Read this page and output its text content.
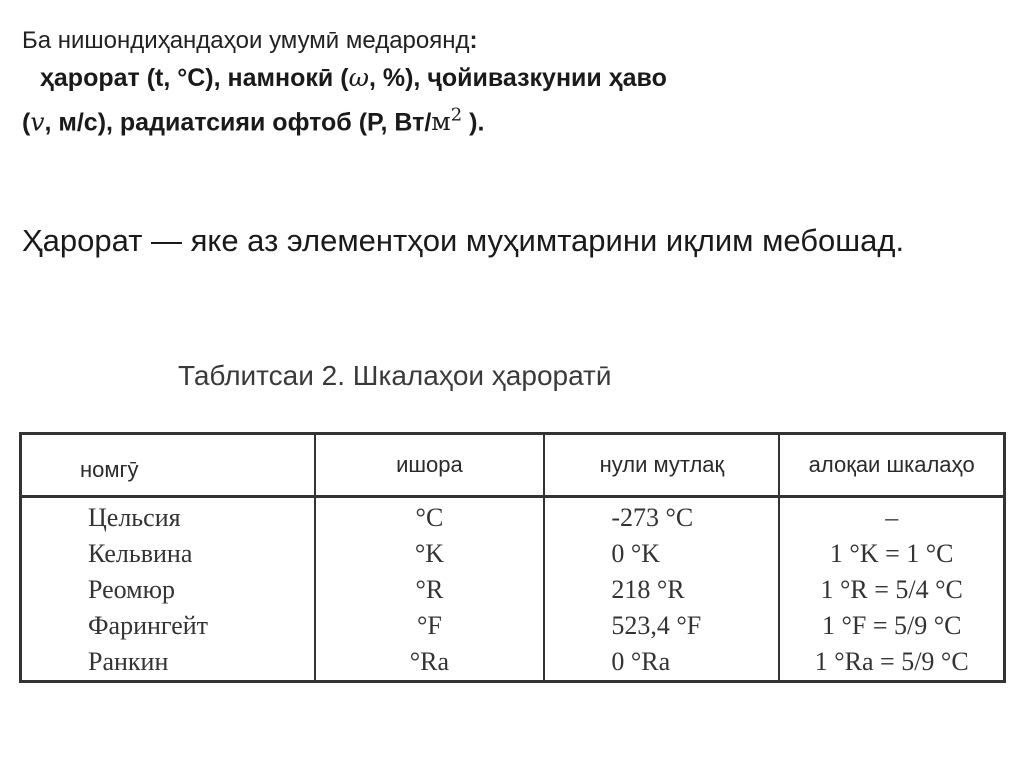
Ба нишондиҳандаҳои умумӣ медароянд:
ҳарорат (t, °C), намнокӣ (ω, %), ҷойивазкунии ҳаво
(v, м/с), радиатсияи офтоб (P, $Вт/м^2$ ).
Ҳарорат — яке аз элементҳои муҳимтарини иқлим мебошад.
Таблитсаи 2. Шкалаҳои ҳароратӣ
номгӯ	ишора	нули мутлақ	алоқаи шкалаҳо
Цельсия	°C	-273 °C	–
Кельвина	°K	0 °K	1 °K = 1 °C
Реомюр	°R	218 °R	1 °R = 5/4 °C
Фарингейт	°F	523,4 °F	1 °F = 5/9 °C
Ранкин	°Ra	0 °Ra	1 °Ra = 5/9 °C
